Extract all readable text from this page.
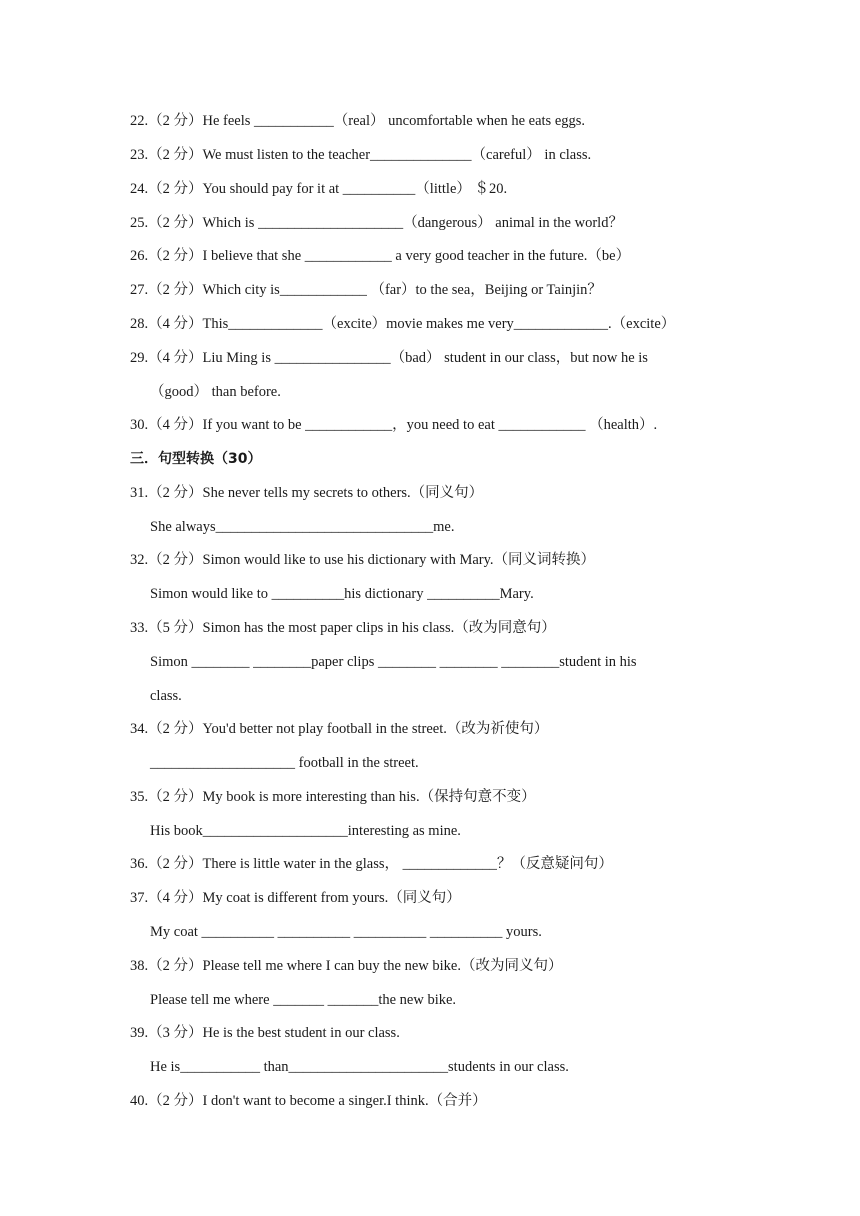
22.（2 分）He feels ___________（real） uncomfortable when he eats eggs.
23.（2 分）We must listen to the teacher______________（careful） in class.
24.（2 分）You should pay for it at __________（little） ＄20.
25.（2 分）Which is ____________________（dangerous） animal in the world？
26.（2 分）I believe that she ____________ a very good teacher in the future.（be）
27.（2 分）Which city is____________ （far）to the sea，Beijing or Tainjin？
28.（4 分）This_____________（excite）movie makes me very_____________.（excite）
29.（4 分）Liu Ming is ________________（bad） student in our class，but now he is
（good） than before.
30.（4 分）If you want to be ____________，you need to eat ____________ （health）.
三．句型转换（30）
31.（2 分）She never tells my secrets to others.（同义句）
She always______________________________me.
32.（2 分）Simon would like to use his dictionary with Mary.（同义词转换）
Simon would like to __________his dictionary __________Mary.
33.（5 分）Simon has the most paper clips in his class.（改为同意句）
Simon ________ ________paper clips ________ ________ ________student in his
class.
34.（2 分）You'd better not play football in the street.（改为祈使句）
____________________ football in the street.
35.（2 分）My book is more interesting than his.（保持句意不变）
His book____________________interesting as mine.
36.（2 分）There is little water in the glass， _____________？（反意疑问句）
37.（4 分）My coat is different from yours.（同义句）
My coat __________ __________ __________ __________ yours.
38.（2 分）Please tell me where I can buy the new bike.（改为同义句）
Please tell me where _______ _______the new bike.
39.（3 分）He is the best student in our class.
He is___________ than______________________students in our class.
40.（2 分）I don't want to become a singer.I think.（合并）
